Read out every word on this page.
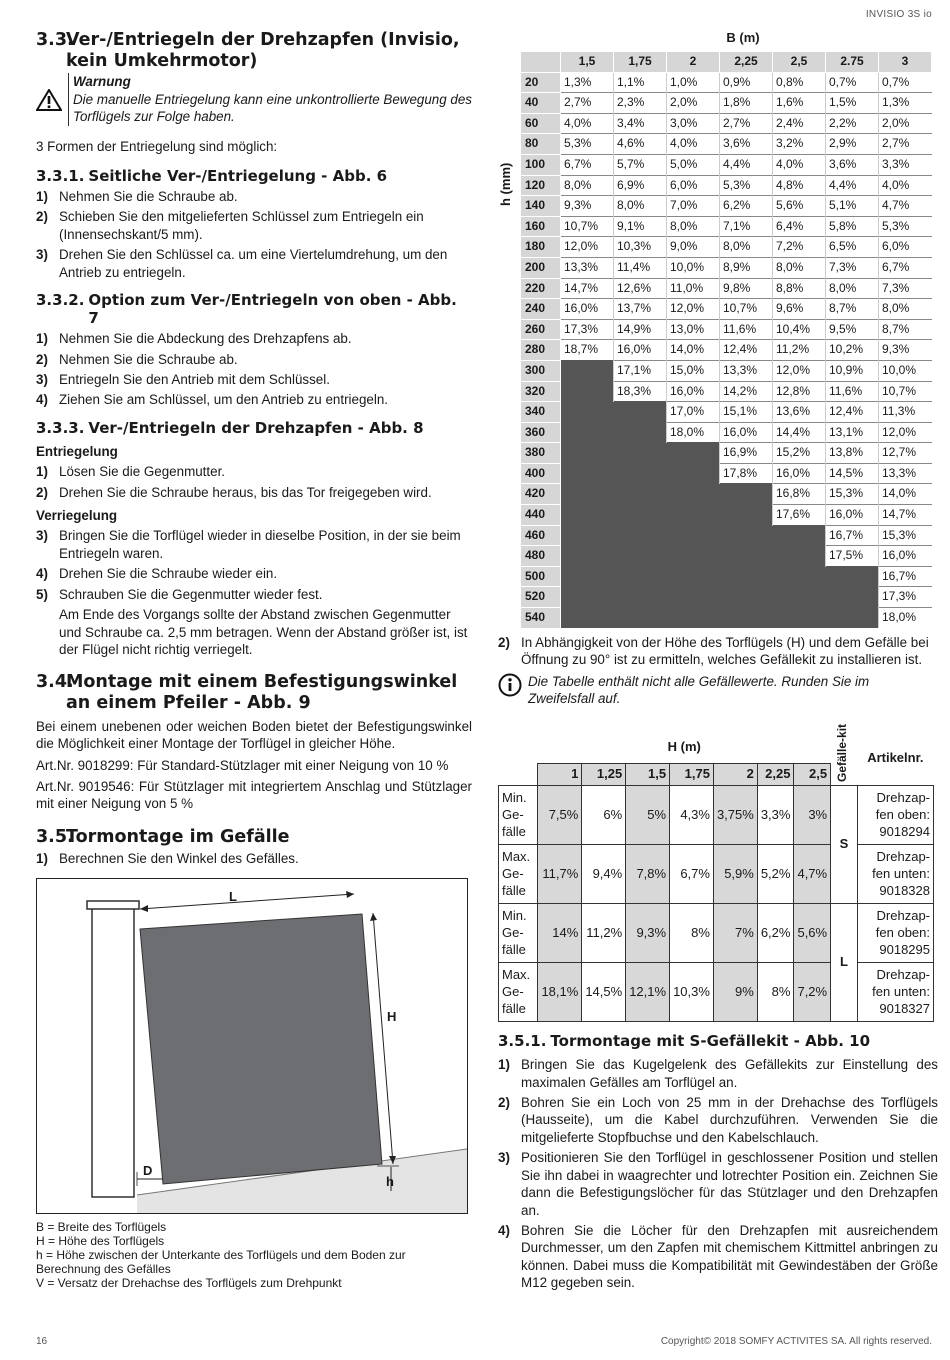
INVISIO 3S io
3.3.
Ver-/Entriegeln der Drehzapfen (Invisio, kein Umkehrmotor)
Warnung
Die manuelle Entriegelung kann eine unkontrollierte Bewegung des Torflügels zur Folge haben.

3 Formen der Entriegelung sind möglich:

3.3.1. Seitliche Ver-/Entriegelung - Abb. 6
1) Nehmen Sie die Schraube ab.
2) Schieben Sie den mitgelieferten Schlüssel zum Entriegeln ein (Innensechskant/5 mm).
3) Drehen Sie den Schlüssel ca. um eine Viertelumdrehung, um den Antrieb zu entriegeln.
3.3.2. Option zum Ver-/Entriegeln von oben - Abb. 7
1) Nehmen Sie die Abdeckung des Drehzapfens ab.
2) Nehmen Sie die Schraube ab.
3) Entriegeln Sie den Antrieb mit dem Schlüssel.
4) Ziehen Sie am Schlüssel, um den Antrieb zu entriegeln.
3.3.3. Ver-/Entriegeln der Drehzapfen - Abb. 8
Entriegelung
1) Lösen Sie die Gegenmutter.
2) Drehen Sie die Schraube heraus, bis das Tor freigegeben wird.
Verriegelung
3) Bringen Sie die Torflügel wieder in dieselbe Position, in der sie beim Entriegeln waren.
4) Drehen Sie die Schraube wieder ein.
5) Schrauben Sie die Gegenmutter wieder fest.

Am Ende des Vorgangs sollte der Abstand zwischen Gegenmutter und Schraube ca. 2,5 mm betragen. Wenn der Abstand größer ist, ist der Flügel nicht richtig verriegelt.

3.4.
Montage mit einem Befestigungswinkel an einem Pfeiler - Abb. 9

Bei einem unebenen oder weichen Boden bietet der Befestigungswinkel die Möglichkeit einer Montage der Torflügel in gleicher Höhe.

Art.Nr. 9018299: Für Standard-Stützlager mit einer Neigung von 10 %

Art.Nr. 9019546: Für Stützlager mit integriertem Anschlag und Stützlager mit einer Neigung von 5 %

3.5.
Tormontage im Gefälle
1) Berechnen Sie den Winkel des Gefälles.
L
H
D
h
B = Breite des Torflügels
H = Höhe des Torflügels
h = Höhe zwischen der Unterkante des Torflügels und dem Boden zur Berechnung des Gefälles
V = Versatz der Drehachse des Torflügels zum Drehpunkt
B (m)
h (mm)
	1,5	1,75	2	2,25	2,5	2.75	3
20	1,3%	1,1%	1,0%	0,9%	0,8%	0,7%	0,7%
40	2,7%	2,3%	2,0%	1,8%	1,6%	1,5%	1,3%
60	4,0%	3,4%	3,0%	2,7%	2,4%	2,2%	2,0%
80	5,3%	4,6%	4,0%	3,6%	3,2%	2,9%	2,7%
100	6,7%	5,7%	5,0%	4,4%	4,0%	3,6%	3,3%
120	8,0%	6,9%	6,0%	5,3%	4,8%	4,4%	4,0%
140	9,3%	8,0%	7,0%	6,2%	5,6%	5,1%	4,7%
160	10,7%	9,1%	8,0%	7,1%	6,4%	5,8%	5,3%
180	12,0%	10,3%	9,0%	8,0%	7,2%	6,5%	6,0%
200	13,3%	11,4%	10,0%	8,9%	8,0%	7,3%	6,7%
220	14,7%	12,6%	11,0%	9,8%	8,8%	8,0%	7,3%
240	16,0%	13,7%	12,0%	10,7%	9,6%	8,7%	8,0%
260	17,3%	14,9%	13,0%	11,6%	10,4%	9,5%	8,7%
280	18,7%	16,0%	14,0%	12,4%	11,2%	10,2%	9,3%
300		17,1%	15,0%	13,3%	12,0%	10,9%	10,0%
320		18,3%	16,0%	14,2%	12,8%	11,6%	10,7%
340			17,0%	15,1%	13,6%	12,4%	11,3%
360			18,0%	16,0%	14,4%	13,1%	12,0%
380				16,9%	15,2%	13,8%	12,7%
400				17,8%	16,0%	14,5%	13,3%
420					16,8%	15,3%	14,0%
440					17,6%	16,0%	14,7%
460						16,7%	15,3%
480						17,5%	16,0%
500							16,7%
520							17,3%
540							18,0%
2) In Abhängigkeit von der Höhe des Torflügels (H) und dem Gefälle bei Öffnung zu 90° ist zu ermitteln, welches Gefällekit zu installieren ist.
Die Tabelle enthält nicht alle Gefällewerte. Runden Sie im Zweifelsfall auf.
	H (m)							Gefälle-kit	Artikelnr.
	1	1,25	1,5	1,75	2	2,25	2,5		
Min. Ge-fälle	7,5%	6%	5%	4,3%	3,75%	3,3%	3%	S	Drehzap-fen oben: 9018294
Max. Ge-fälle	11,7%	9,4%	7,8%	6,7%	5,9%	5,2%	4,7%		Drehzap-fen unten: 9018328
Min. Ge-fälle	14%	11,2%	9,3%	8%	7%	6,2%	5,6%	L	Drehzap-fen oben: 9018295
Max. Ge-fälle	18,1%	14,5%	12,1%	10,3%	9%	8%	7,2%		Drehzap-fen unten: 9018327
3.5.1. Tormontage mit S-Gefällekit - Abb. 10
1) Bringen Sie das Kugelgelenk des Gefällekits zur Einstellung des maximalen Gefälles am Torflügel an.
2) Bohren Sie ein Loch von 25 mm in der Drehachse des Torflügels (Hausseite), um die Kabel durchzuführen. Verwenden Sie die mitgelieferte Stopfbuchse und den Kabelschlauch.
3) Positionieren Sie den Torflügel in geschlossener Position und stellen Sie ihn dabei in waagrechter und lotrechter Position ein. Zeichnen Sie dann die Befestigungslöcher für das Stützlager und den Drehzapfen an.
4) Bohren Sie die Löcher für den Drehzapfen mit ausreichendem Durchmesser, um den Zapfen mit chemischem Kittmittel anbringen zu können. Dabei muss die Kompatibilität mit Gewindestäben der Größe M12 gegeben sein.
16	Copyright© 2018 SOMFY ACTIVITES SA. All rights reserved.
